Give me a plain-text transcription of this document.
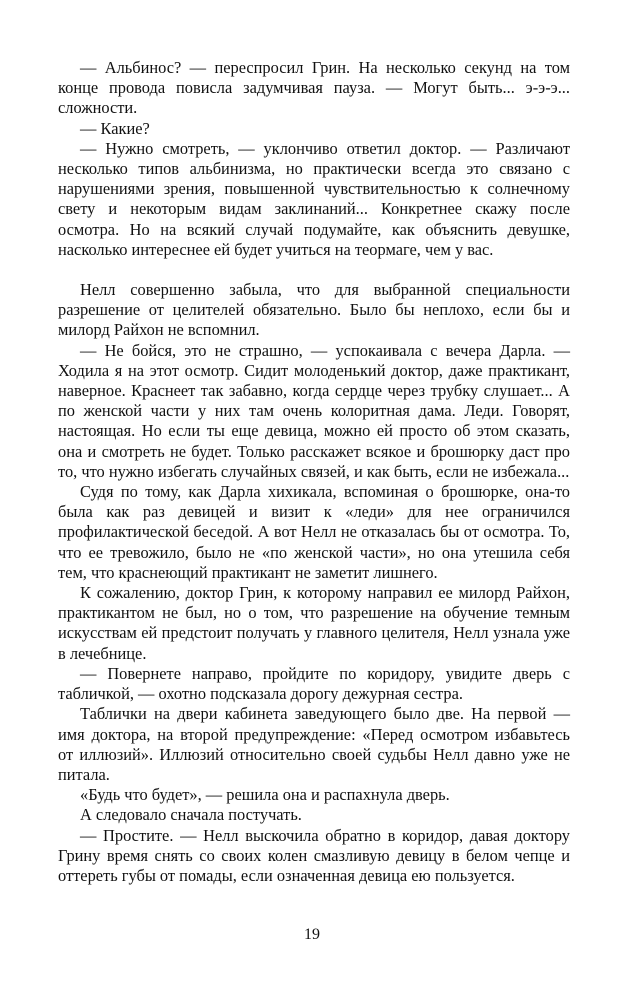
— Альбинос? — переспросил Грин. На несколько секунд на том конце провода повисла задумчивая пауза. — Могут быть... э-э-э... сложности.

— Какие?

— Нужно смотреть, — уклончиво ответил доктор. — Различают несколько типов альбинизма, но практически всегда это связано с нарушениями зрения, повышенной чувствительностью к солнечному свету и некоторым видам заклинаний... Конкретнее скажу после осмотра. Но на всякий случай подумайте, как объяснить девушке, насколько интереснее ей будет учиться на теормаге, чем у вас.

Нелл совершенно забыла, что для выбранной специальности разрешение от целителей обязательно. Было бы неплохо, если бы и милорд Райхон не вспомнил.

— Не бойся, это не страшно, — успокаивала с вечера Дарла. — Ходила я на этот осмотр. Сидит молоденький доктор, даже практикант, наверное. Краснеет так забавно, когда сердце через трубку слушает... А по женской части у них там очень колоритная дама. Леди. Говорят, настоящая. Но если ты еще девица, можно ей просто об этом сказать, она и смотреть не будет. Только расскажет всякое и брошюрку даст про то, что нужно избегать случайных связей, и как быть, если не избежала...

Судя по тому, как Дарла хихикала, вспоминая о брошюрке, она-то была как раз девицей и визит к «леди» для нее ограничился профилактической беседой. А вот Нелл не отказалась бы от осмотра. То, что ее тревожило, было не «по женской части», но она утешила себя тем, что краснеющий практикант не заметит лишнего.

К сожалению, доктор Грин, к которому направил ее милорд Райхон, практикантом не был, но о том, что разрешение на обучение темным искусствам ей предстоит получать у главного целителя, Нелл узнала уже в лечебнице.

— Повернете направо, пройдите по коридору, увидите дверь с табличкой, — охотно подсказала дорогу дежурная сестра.

Таблички на двери кабинета заведующего было две. На первой — имя доктора, на второй предупреждение: «Перед осмотром избавьтесь от иллюзий». Иллюзий относительно своей судьбы Нелл давно уже не питала.

«Будь что будет», — решила она и распахнула дверь.

А следовало сначала постучать.

— Простите. — Нелл выскочила обратно в коридор, давая доктору Грину время снять со своих колен смазливую девицу в белом чепце и оттереть губы от помады, если означенная девица ею пользуется.

19
